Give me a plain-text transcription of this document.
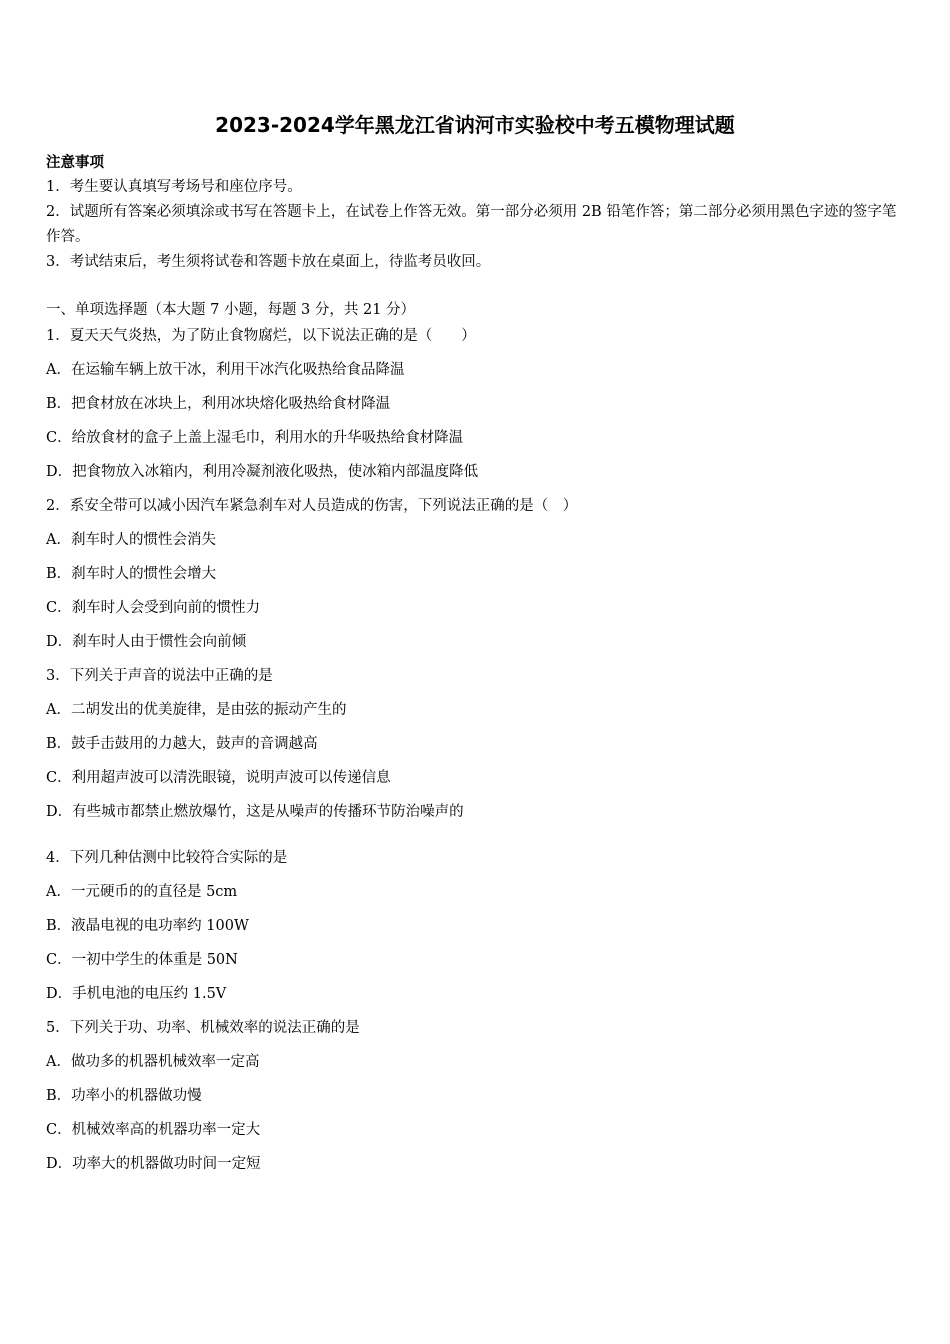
2023-2024学年黑龙江省讷河市实验校中考五模物理试题

注意事项

1．考生要认真填写考场号和座位序号。

2．试题所有答案必须填涂或书写在答题卡上，在试卷上作答无效。第一部分必须用 2B 铅笔作答；第二部分必须用黑色字迹的签字笔作答。

3．考试结束后，考生须将试卷和答题卡放在桌面上，待监考员收回。

一、单项选择题（本大题 7 小题，每题 3 分，共 21 分）
1．夏天天气炎热，为了防止食物腐烂，以下说法正确的是（　　）
A．在运输车辆上放干冰，利用干冰汽化吸热给食品降温
B．把食材放在冰块上，利用冰块熔化吸热给食材降温
C．给放食材的盒子上盖上湿毛巾，利用水的升华吸热给食材降温
D．把食物放入冰箱内，利用冷凝剂液化吸热，使冰箱内部温度降低
2．系安全带可以减小因汽车紧急刹车对人员造成的伤害，下列说法正确的是（　）
A．刹车时人的惯性会消失
B．刹车时人的惯性会增大
C．刹车时人会受到向前的惯性力
D．刹车时人由于惯性会向前倾
3．下列关于声音的说法中正确的是
A．二胡发出的优美旋律，是由弦的振动产生的
B．鼓手击鼓用的力越大，鼓声的音调越高
C．利用超声波可以清洗眼镜，说明声波可以传递信息
D．有些城市都禁止燃放爆竹，这是从噪声的传播环节防治噪声的
4．下列几种估测中比较符合实际的是
A．一元硬币的的直径是 5cm
B．液晶电视的电功率约 100W
C．一初中学生的体重是 50N
D．手机电池的电压约 1.5V
5．下列关于功、功率、机械效率的说法正确的是
A．做功多的机器机械效率一定高
B．功率小的机器做功慢
C．机械效率高的机器功率一定大
D．功率大的机器做功时间一定短
